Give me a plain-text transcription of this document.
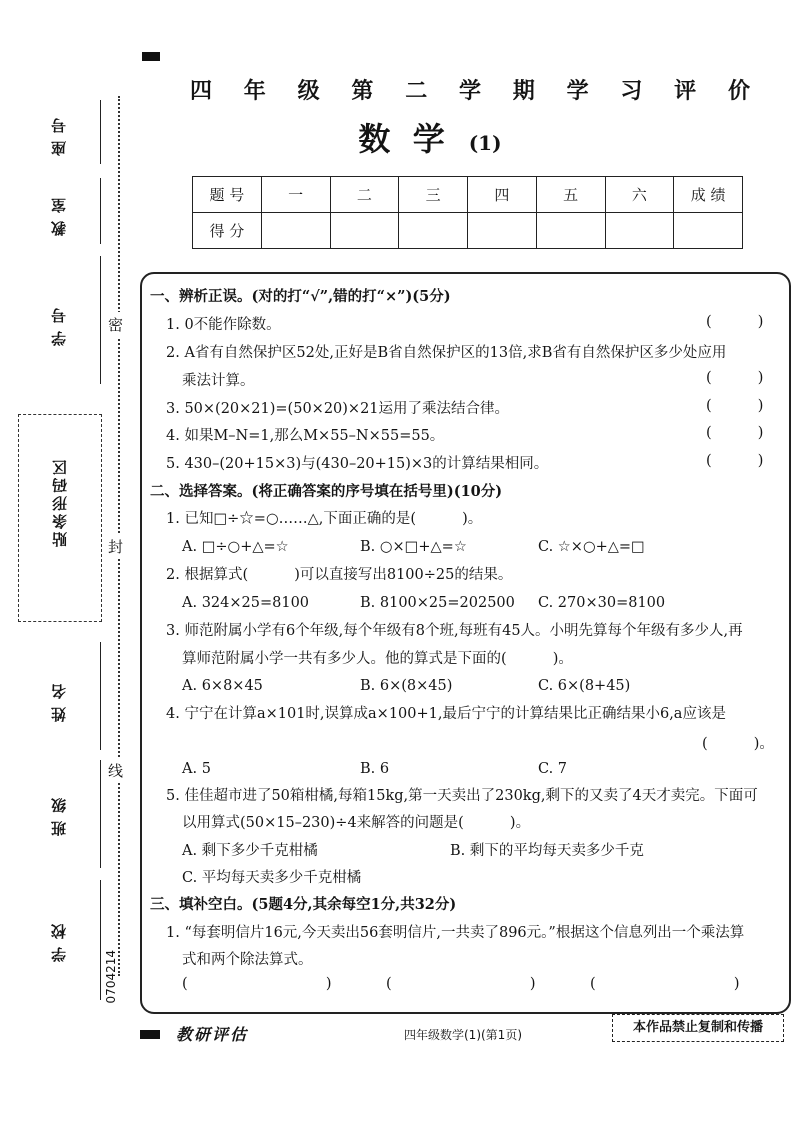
座号
教室
学号
贴条形码区
姓名
班级
学校
密
封
线
0704214
四 年 级 第 二 学 期 学 习 评 价
数  学 (1)
题 号	一	二	三	四	五	六	成 绩
得 分							
一、辨析正误。(对的打“√”,错的打“×”)(5分)
1. 0不能作除数。	(          )
2. A省有自然保护区52处,正好是B省自然保护区的13倍,求B省有自然保护区多少处应用
乘法计算。	(          )
3. 50×(20×21)=(50×20)×21运用了乘法结合律。	(          )
4. 如果M–N=1,那么M×55–N×55=55。	(          )
5. 430–(20+15×3)与(430–20+15)×3的计算结果相同。	(          )
二、选择答案。(将正确答案的序号填在括号里)(10分)
1. 已知□÷☆=○……△,下面正确的是(          )。
A. □÷○+△=☆	B. ○×□+△=☆	C. ☆×○+△=□
2. 根据算式(          )可以直接写出8100÷25的结果。
A. 324×25=8100	B. 8100×25=202500 C. 270×30=8100
3. 师范附属小学有6个年级,每个年级有8个班,每班有45人。小明先算每个年级有多少人,再
算师范附属小学一共有多少人。他的算式是下面的(          )。
A. 6×8×45	B. 6×(8×45)	C. 6×(8+45)
4. 宁宁在计算a×101时,误算成a×100+1,最后宁宁的计算结果比正确结果小6,a应该是
(          )。
A. 5	B. 6	C. 7
5. 佳佳超市进了50箱柑橘,每箱15kg,第一天卖出了230kg,剩下的又卖了4天才卖完。下面可
以用算式(50×15–230)÷4来解答的问题是(          )。
A. 剩下多少千克柑橘	B. 剩下的平均每天卖多少千克
C. 平均每天卖多少千克柑橘
三、填补空白。(5题4分,其余每空1分,共32分)
1. “每套明信片16元,今天卖出56套明信片,一共卖了896元。”根据这个信息列出一个乘法算
式和两个除法算式。
(                              )	(                              )	(                              )
教研评估	四年级数学(1)(第1页)	本作品禁止复制和传播
